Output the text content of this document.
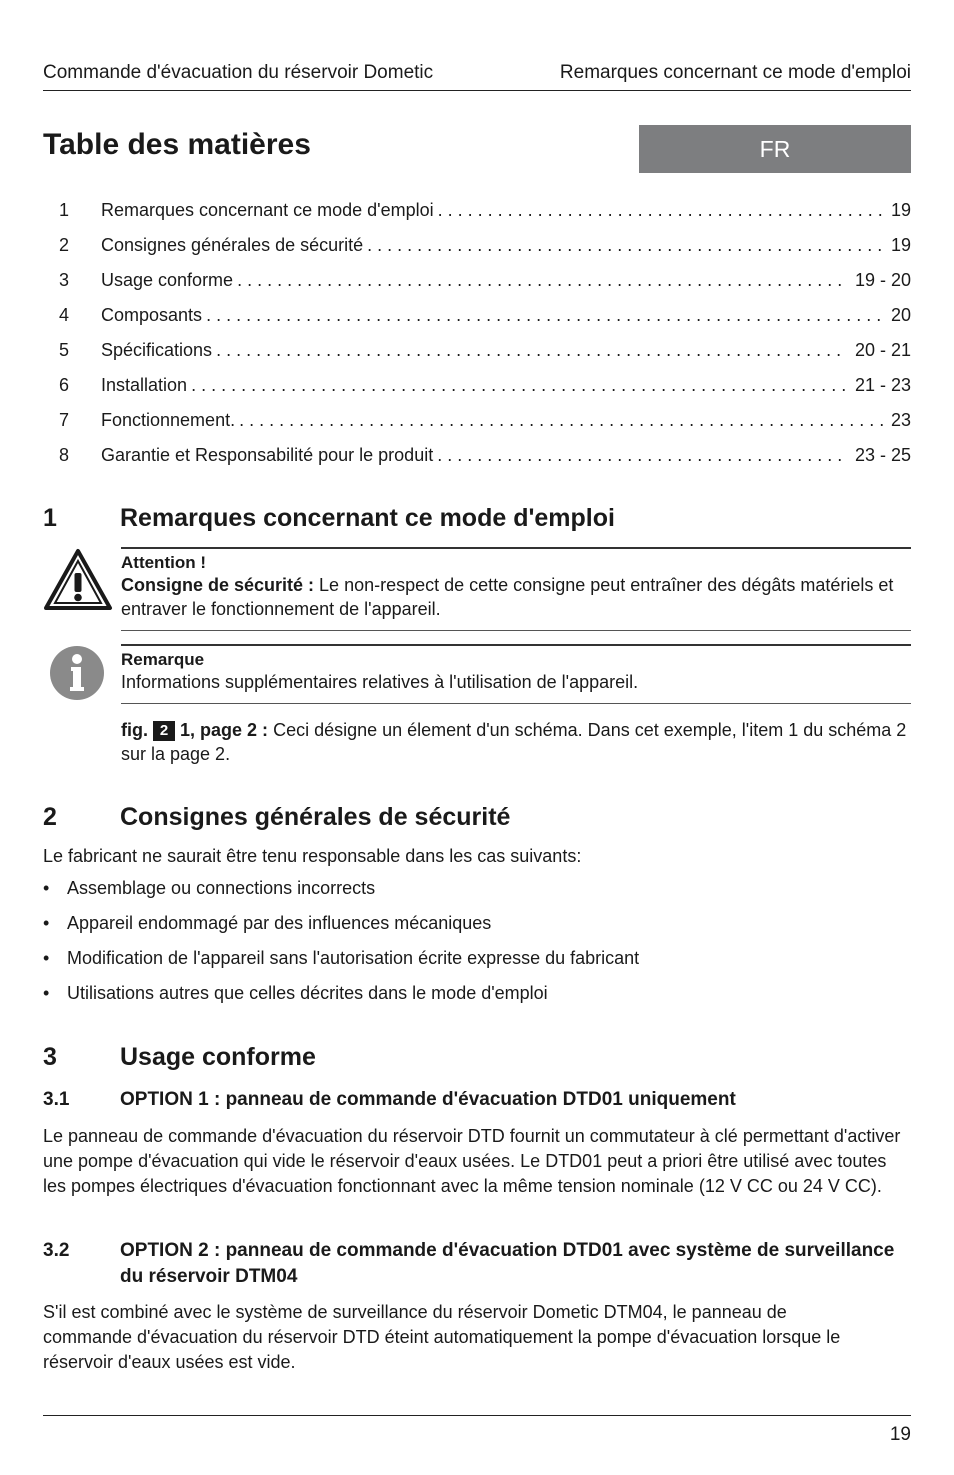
Commande d'évacuation du réservoir Dometic	Remarques concernant ce mode d'emploi
Table des matières	FR
1 Remarques concernant ce mode d'emploi . . .	19
2 Consignes générales de sécurité . . .	19
3 Usage conforme . . .	19 - 20
4 Composants . . .	20
5 Spécifications . . .	20 - 21
6 Installation . . .	21 - 23
7 Fonctionnement. . . .	23
8 Garantie et Responsabilité pour le produit . . .	23 - 25
1	Remarques concernant ce mode d'emploi
Attention !
Consigne de sécurité : Le non-respect de cette consigne peut entraîner des dégâts matériels et entraver le fonctionnement de l'appareil.
Remarque
Informations supplémentaires relatives à l'utilisation de l'appareil.

fig. 2 1, page 2 : Ceci désigne un élement d'un schéma. Dans cet exemple, l'item 1 du schéma 2 sur la page 2.

2	Consignes générales de sécurité

Le fabricant ne saurait être tenu responsable dans les cas suivants:

• Assemblage ou connections incorrects
• Appareil endommagé par des influences mécaniques
• Modification de l'appareil sans l'autorisation écrite expresse du fabricant
• Utilisations autres que celles décrites dans le mode d'emploi
3	Usage conforme
3.1	OPTION 1 : panneau de commande d'évacuation DTD01 uniquement

Le panneau de commande d'évacuation du réservoir DTD fournit un commutateur à clé permettant d'activer une pompe d'évacuation qui vide le réservoir d'eaux usées. Le DTD01 peut a priori être utilisé avec toutes les pompes électriques d'évacuation fonctionnant avec la même tension nominale (12 V CC ou 24 V CC).

3.2	OPTION 2 : panneau de commande d'évacuation DTD01 avec système de surveillance du réservoir DTM04

S'il est combiné avec le système de surveillance du réservoir Dometic DTM04, le panneau de commande d'évacuation du réservoir DTD éteint automatiquement la pompe d'évacuation lorsque le réservoir d'eaux usées est vide.

19
